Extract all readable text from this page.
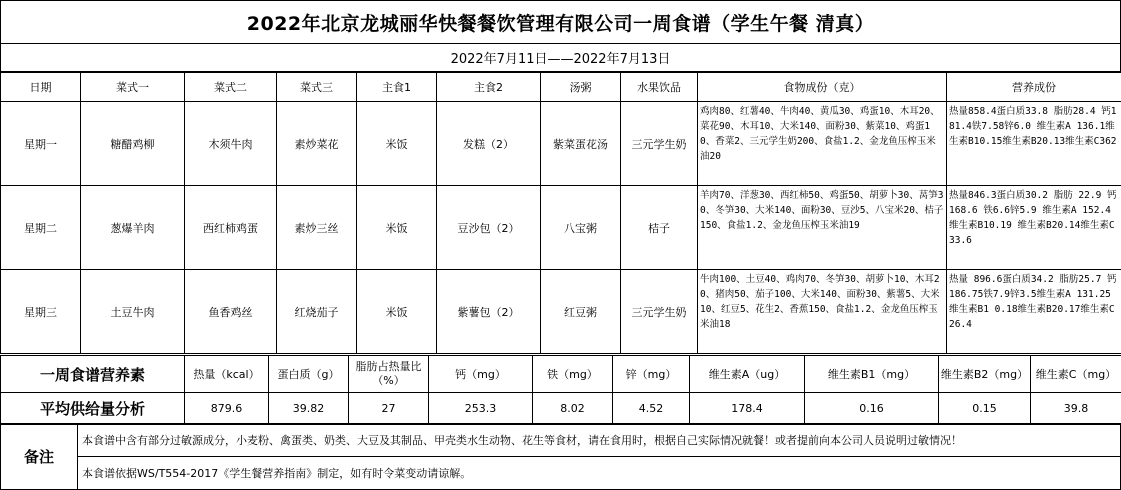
2022年北京龙城丽华快餐餐饮管理有限公司一周食谱（学生午餐 清真）
2022年7月11日——2022年7月13日
日期	菜式一	菜式二	菜式三	主食1	主食2	汤粥	水果饮品	食物成份（克）	营养成份
星期一	糖醋鸡柳	木须牛肉	素炒菜花	米饭	发糕（2）	紫菜蛋花汤	三元学生奶	鸡肉80、红薯40、牛肉40、黄瓜30、鸡蛋10、木耳20、菜花90、木耳10、大米140、面粉30、紫菜10、鸡蛋10、香菜2、三元学生奶200、食盐1.2、金龙鱼压榨玉米油20	热量858.4蛋白质33.8 脂肪28.4 钙181.4铁7.58锌6.0 维生素A 136.1维生素B10.15维生素B20.13维生素C362
星期二	葱爆羊肉	西红柿鸡蛋	素炒三丝	米饭	豆沙包（2）	八宝粥	桔子	羊肉70、洋葱30、西红柿50、鸡蛋50、胡萝卜30、莴笋30、冬笋30、大米140、面粉30、豆沙5、八宝米20、桔子150、食盐1.2、金龙鱼压榨玉米油19	热量846.3蛋白质30.2 脂肪 22.9 钙168.6 铁6.6锌5.9 维生素A 152.4 维生素B10.19 维生素B20.14维生素C 33.6
星期三	土豆牛肉	鱼香鸡丝	红烧茄子	米饭	紫薯包（2）	红豆粥	三元学生奶	牛肉100、土豆40、鸡肉70、冬笋30、胡萝卜10、木耳20、猪肉50、茄子100、大米140、面粉30、紫薯5、大米10、红豆5、花生2、香蕉150、食盐1.2、金龙鱼压榨玉米油18	热量 896.6蛋白质34.2 脂肪25.7 钙186.75铁7.9锌3.5维生素A 131.25维生素B1 0.18维生素B20.17维生素C 26.4
一周食谱营养素	热量（kcal）	蛋白质（g）	脂肪占热量比（%）	钙（mg）	铁（mg）	锌（mg）	维生素A（ug）	维生素B1（mg）	维生素B2（mg）	维生素C（mg）
平均供给量分析	879.6	39.82	27	253.3	8.02	4.52	178.4	0.16	0.15	39.8
备注
本食谱中含有部分过敏源成分，小麦粉、禽蛋类、奶类、大豆及其制品、甲壳类水生动物、花生等食材，请在食用时，根据自己实际情况就餐！或者提前向本公司人员说明过敏情况！
本食谱依据WS/T554-2017《学生餐营养指南》制定，如有时令菜变动请谅解。
